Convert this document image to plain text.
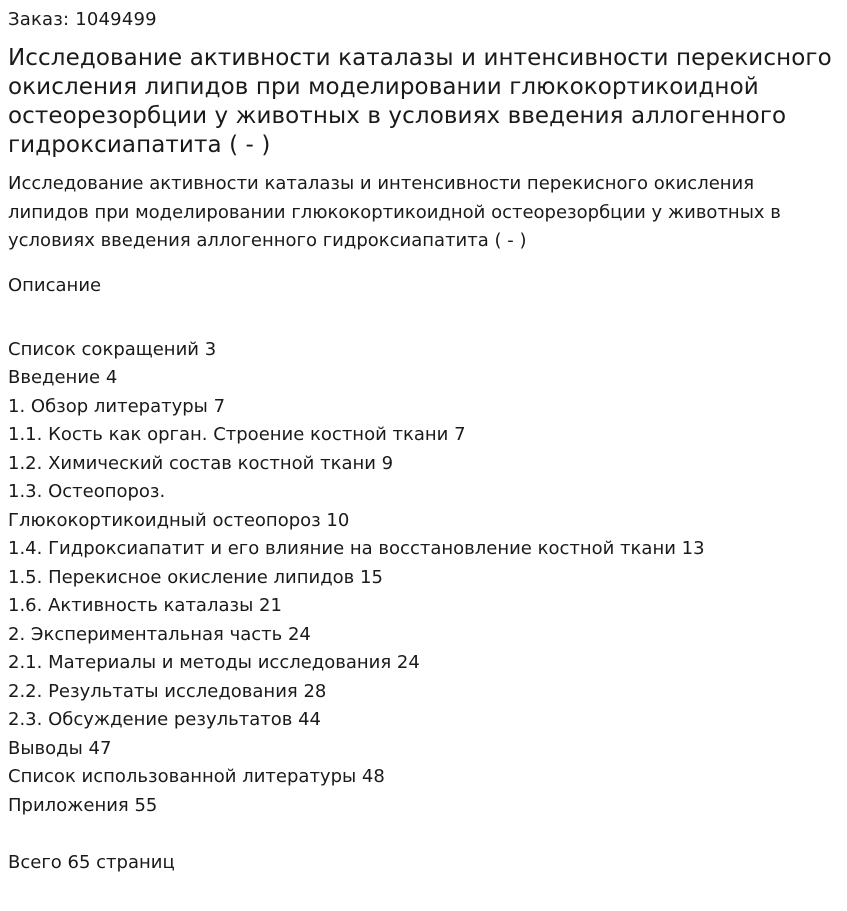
Заказ: 1049499

Исследование активности каталазы и интенсивности перекисного окисления липидов при моделировании глюкокортикоидной остеорезорбции у животных в условиях введения аллогенного гидроксиапатита ( - )

Исследование активности каталазы и интенсивности перекисного окисления липидов при моделировании глюкокортикоидной остеорезорбции у животных в условиях введения аллогенного гидроксиапатита ( - )

Описание

Список сокращений 3
Введение 4
1. Обзор литературы 7
1.1. Кость как орган. Строение костной ткани 7
1.2. Химический состав костной ткани 9
1.3. Остеопороз.
Глюкокортикоидный остеопороз 10
1.4. Гидроксиапатит и его влияние на восстановление костной ткани 13
1.5. Перекисное окисление липидов 15
1.6. Активность каталазы 21
2. Экспериментальная часть 24
2.1. Материалы и методы исследования 24
2.2. Результаты исследования 28
2.3. Обсуждение результатов 44
Выводы 47
Список использованной литературы 48
Приложения 55

Всего 65 страниц
